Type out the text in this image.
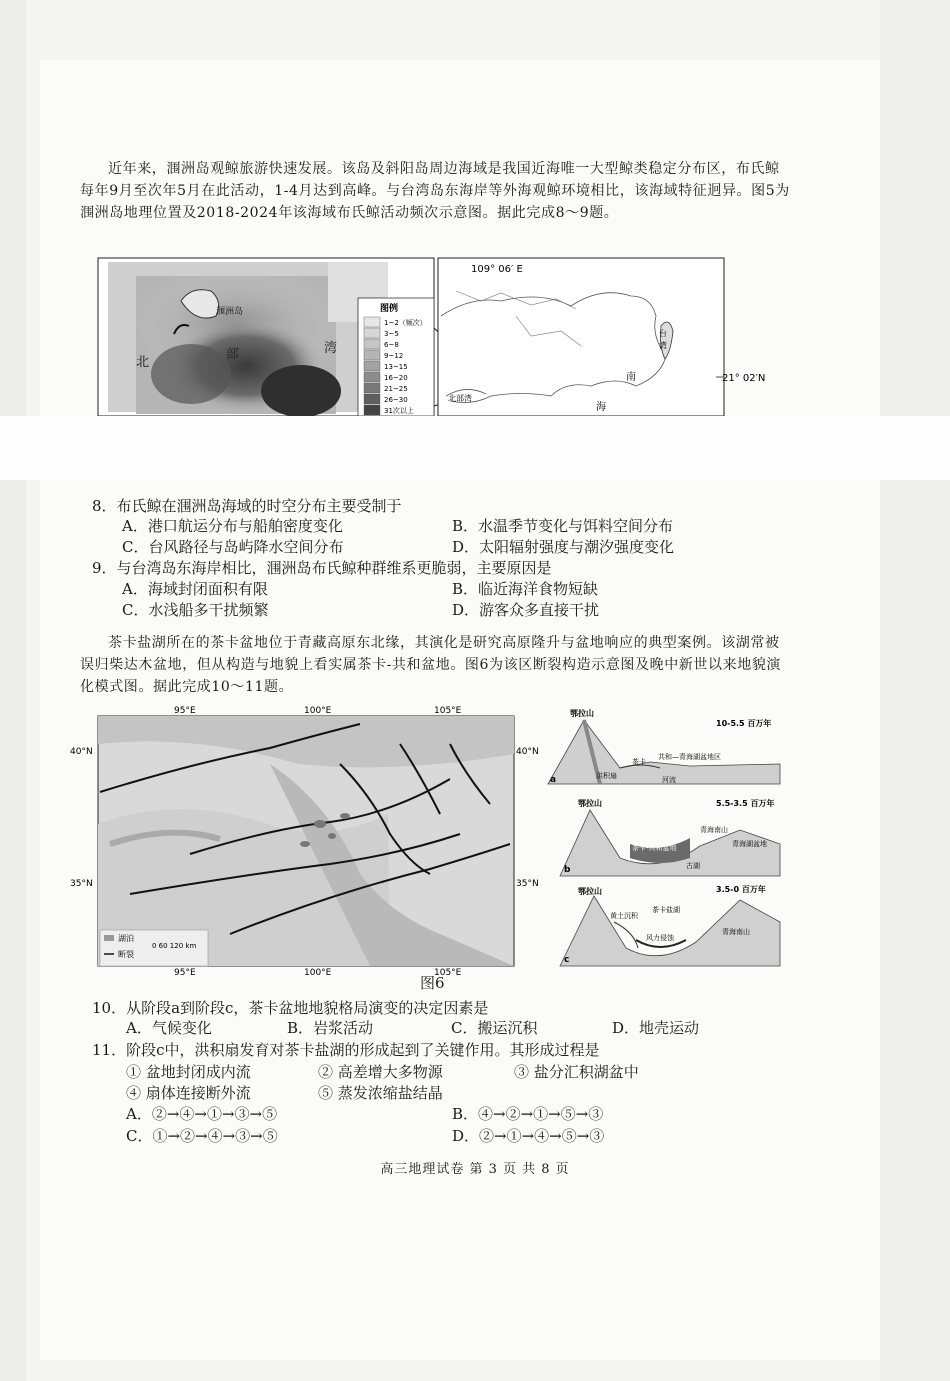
近年来，涠洲岛观鲸旅游快速发展。该岛及斜阳岛周边海域是我国近海唯一大型鲸类稳定分布区，布氏鲸每年9月至次年5月在此活动，1-4月达到高峰。与台湾岛东海岸等外海观鲸环境相比，该海域特征迥异。图5为涠洲岛地理位置及2018-2024年该海域布氏鲸活动频次示意图。据此完成8～9题。

涠洲岛
北
部	湾
图例
1~2（频次）
3~5
6~8
9~12
13~15
16~20
21~25
26~30
31次以上
109° 06′ E
台
湾
南
海
北部湾
21° 02′N
8．布氏鲸在涠洲岛海域的时空分布主要受制于
A．港口航运分布与船舶密度变化	B．水温季节变化与饵料空间分布
C．台风路径与岛屿降水空间分布	D．太阳辐射强度与潮汐强度变化
9．与台湾岛东海岸相比，涠洲岛布氏鲸种群维系更脆弱，主要原因是
A．海域封闭面积有限	B．临近海洋食物短缺
C．水浅船多干扰频繁	D．游客众多直接干扰

茶卡盐湖所在的茶卡盆地位于青藏高原东北缘，其演化是研究高原隆升与盆地响应的典型案例。该湖常被误归柴达木盆地，但从构造与地貌上看实属茶卡-共和盆地。图6为该区断裂构造示意图及晚中新世以来地貌演化模式图。据此完成10～11题。

95°E	100°E	105°E
95°E	100°E	105°E
40°N
35°N
40°N
35°N
湖泊
断裂
0 60 120 km
鄂拉山
10-5.5 百万年
共和—青海湖盆地区
洪积扇	河流
茶卡
a
鄂拉山	5.5-3.5 百万年
茶卡-共和盆地
青海南山
青海湖盆地
古湖
b
鄂拉山	3.5-0 百万年
黄土沉积
茶卡盐湖
风力侵蚀
青海南山
c
图6
10．从阶段a到阶段c，茶卡盆地地貌格局演变的决定因素是
A．气候变化	B．岩浆活动	C．搬运沉积	D．地壳运动
11．阶段c中，洪积扇发育对茶卡盐湖的形成起到了关键作用。其形成过程是
① 盆地封闭成内流	② 高差增大多物源	③ 盐分汇积湖盆中
④ 扇体连接断外流	⑤ 蒸发浓缩盐结晶
A．②→④→①→③→⑤	B．④→②→①→⑤→③
C．①→②→④→③→⑤	D．②→①→④→⑤→③
高三地理试卷 第 3 页 共 8 页
